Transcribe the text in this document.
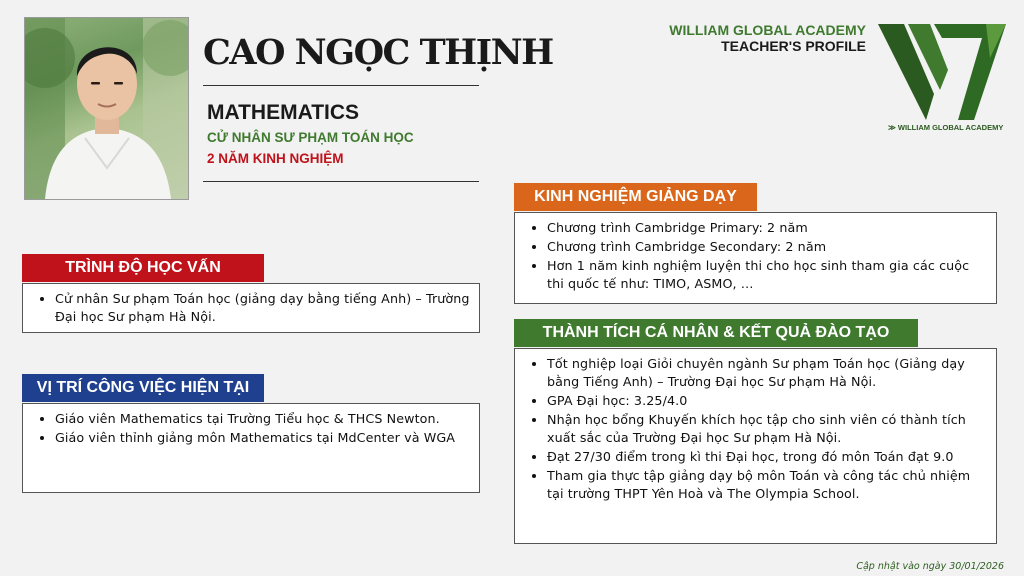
CAO NGỌC THỊNH
MATHEMATICS
CỬ NHÂN SƯ PHẠM TOÁN HỌC
2 NĂM KINH NGHIỆM
WILLIAM GLOBAL ACADEMY
TEACHER'S PROFILE
≫ WILLIAM GLOBAL ACADEMY
TRÌNH ĐỘ HỌC VẤN
• Cử nhân Sư phạm Toán học (giảng dạy bằng tiếng Anh) – Trường Đại học Sư phạm Hà Nội.
VỊ TRÍ CÔNG VIỆC HIỆN TẠI
• Giáo viên Mathematics tại Trường Tiểu học & THCS Newton.
• Giáo viên thỉnh giảng môn Mathematics tại MdCenter và WGA
KINH NGHIỆM GIẢNG DẠY
• Chương trình Cambridge Primary: 2 năm
• Chương trình Cambridge Secondary: 2 năm
• Hơn 1 năm kinh nghiệm luyện thi cho học sinh tham gia các cuộc thi quốc tế như: TIMO, ASMO, …
THÀNH TÍCH CÁ NHÂN & KẾT QUẢ ĐÀO TẠO
• Tốt nghiệp loại Giỏi chuyên ngành Sư phạm Toán học (Giảng dạy bằng Tiếng Anh) – Trường Đại học Sư phạm Hà Nội.
• GPA Đại học: 3.25/4.0
• Nhận học bổng Khuyến khích học tập cho sinh viên có thành tích xuất sắc của Trường Đại học Sư phạm Hà Nội.
• Đạt 27/30 điểm trong kì thi Đại học, trong đó môn Toán đạt 9.0
• Tham gia thực tập giảng dạy bộ môn Toán và công tác chủ nhiệm tại trường THPT Yên Hoà và The Olympia School.
Cập nhật vào ngày 30/01/2026
